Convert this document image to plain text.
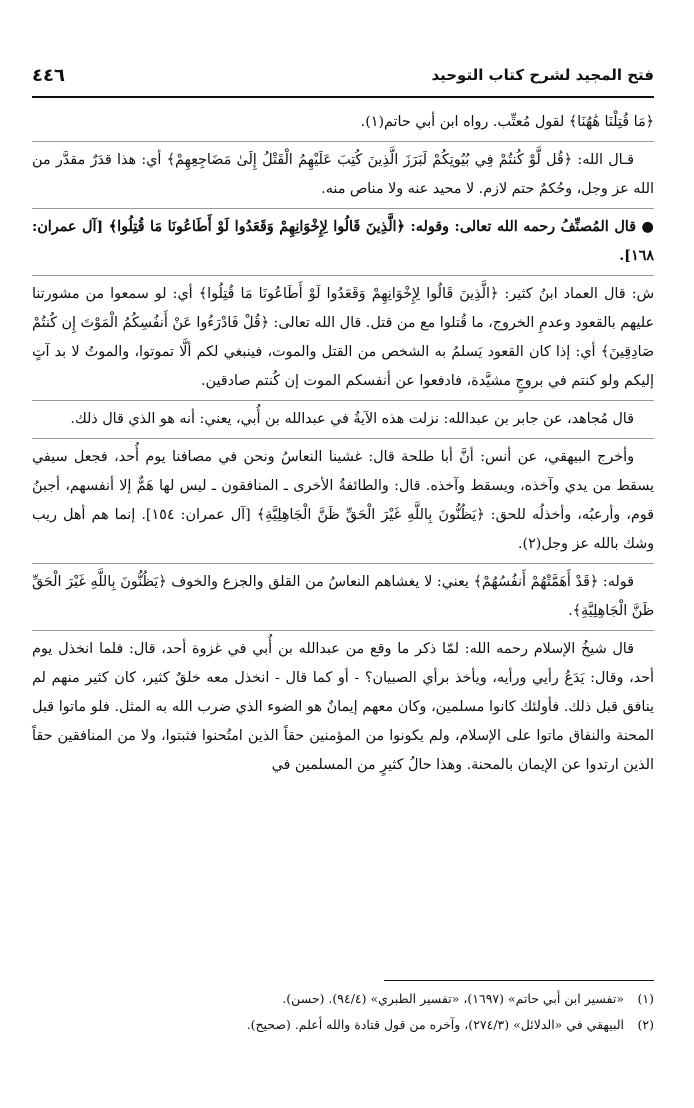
٤٤٦	فتح المجيد لشرح كتاب التوحيد

﴿مَا قُتِلْنَا هَٰهُنَا﴾ لقول مُعتِّب. رواه ابن أبي حاتم(١).

قـال الله: ﴿قُل لَّوْ كُنتُمْ فِي بُيُوتِكُمْ لَبَرَزَ الَّذِينَ كُتِبَ عَلَيْهِمُ الْقَتْلُ إِلَىٰ مَضَاجِعِهِمْ﴾ أي: هذا قدَرٌ مقدَّر من الله عز وجل، وحُكمٌ حتم لازم. لا محيد عنه ولا مناص منه.

● قال المُصنِّفُ رحمه الله تعالى: وقوله: ﴿الَّذِينَ قَالُوا لِإِخْوَانِهِمْ وَقَعَدُوا لَوْ أَطَاعُونَا مَا قُتِلُوا﴾ [آل عمران: ١٦٨].

ش: قال العماد ابنُ كثير: ﴿الَّذِينَ قَالُوا لِإِخْوَانِهِمْ وَقَعَدُوا لَوْ أَطَاعُونَا مَا قُتِلُوا﴾ أي: لو سمعوا من مشورتنا عليهم بالقعود وعدمِ الخروج، ما قُتلوا مع من قتل. قال الله تعالى: ﴿قُلْ فَادْرَءُوا عَنْ أَنفُسِكُمُ الْمَوْتَ إِن كُنتُمْ صَادِقِينَ﴾ أي: إذا كان القعود يَسلمُ به الشخص من القتل والموت، فينبغي لكم ألَّا تموتوا، والموتُ لا بد آتٍ إليكم ولو كنتم في بروجٍ مشيَّدة، فادفعوا عن أنفسكم الموت إن كُنتم صادقين.

قال مُجاهد، عن جابر بن عبدالله: نزلت هذه الآيةُ في عبدالله بن أُبي، يعني: أنه هو الذي قال ذلك.

وأخرج البيهقي، عن أنس: أنَّ أبا طلحة قال: غشينا النعاسُ ونحن في مصافنا يوم أُحد، فجعل سيفي يسقط من يدي وآخذه، ويسقط وآخذه. قال: والطائفةُ الأخرى ـ المنافقون ـ ليس لها هَمٌّ إلا أنفسهم، أجبنُ قوم، وأرعبُه، وأخذلُه للحق: ﴿يَظُنُّونَ بِاللَّهِ غَيْرَ الْحَقِّ ظَنَّ الْجَاهِلِيَّةِ﴾ [آل عمران: ١٥٤]. إنما هم أهل ريب وشك بالله عز وجل(٢).

قوله: ﴿قَدْ أَهَمَّتْهُمْ أَنفُسُهُمْ﴾ يعني: لا يغشاهم النعاسُ من القلق والجزع والخوف ﴿يَظُنُّونَ بِاللَّهِ غَيْرَ الْحَقِّ ظَنَّ الْجَاهِلِيَّةِ﴾.

قال شيخُ الإسلام رحمه الله: لمّا ذكر ما وقع من عبدالله بن أُبي في غزوة أحد، قال: فلما انخذل يوم أحد، وقال: يَدَعُ رأيي ورأيه، ويأخذ برأي الصبيان؟ - أو كما قال - انخذل معه خلقٌ كثير، كان كثير منهم لم ينافق قبل ذلك. فأولئك كانوا مسلمين، وكان معهم إيمانٌ هو الضوء الذي ضرب الله به المثل. فلو ماتوا قبل المحنة والنفاق ماتوا على الإسلام، ولم يكونوا من المؤمنين حقاً الذين امتُحنوا فثبتوا، ولا من المنافقين حقاً الذين ارتدوا عن الإيمان بالمحنة. وهذا حالُ كثيرٍ من المسلمين في

(١)«تفسير ابن أبي حاتم» (١٦٩٧)، «تفسير الطبري» (٩٤/٤). (حسن).

(٢)البيهقي في «الدلائل» (٢٧٤/٣)، وآخره من قول قتادة والله أعلم. (صحيح).
